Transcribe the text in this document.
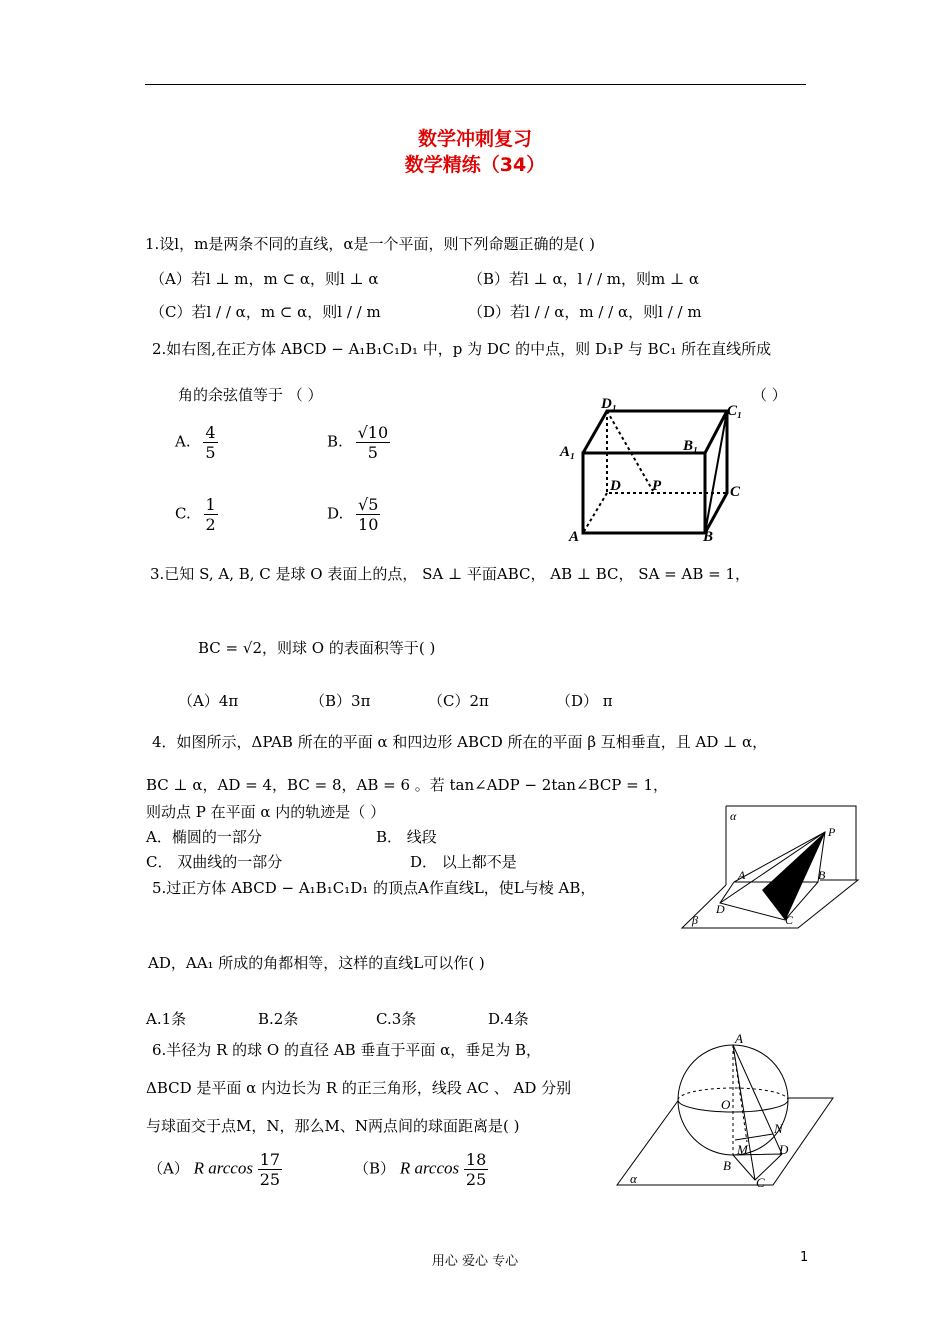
数学冲刺复习
数学精练（34）
1.设l，m是两条不同的直线，α是一个平面，则下列命题正确的是( )
（A）若l ⊥ m，m ⊂ α，则l ⊥ α	（B）若l ⊥ α，l / / m，则m ⊥ α
（C）若l / / α，m ⊂ α，则l / / m	（D）若l / / α，m / / α，则l / / m
2.如右图,在正方体 ABCD − A₁B₁C₁D₁ 中，p 为 DC 的中点，则 D₁P 与 BC₁ 所在直线所成
角的余弦值等于 （ ）	（ ）
A. $\frac{4}{5}$	B. $\frac{√10}{5}$
C. $\frac{1}{2}$	D. $\frac{√5}{10}$
D₁	C₁
A₁	B₁
D P	C
A	B
3.已知 S, A, B, C 是球 O 表面上的点， SA ⊥ 平面ABC， AB ⊥ BC， SA = AB = 1，
BC = √2，则球 O 的表面积等于( )
（A）4π	（B）3π	（C）2π	（D） π
4．如图所示，ΔPAB 所在的平面 α 和四边形 ABCD 所在的平面 β 互相垂直，且 AD ⊥ α，
BC ⊥ α，AD = 4，BC = 8，AB = 6 。若 tan∠ADP − 2tan∠BCP = 1，
则动点 P 在平面 α 内的轨迹是（ ）
A．椭圆的一部分	B． 线段
C． 双曲线的一部分	D． 以上都不是
α
P
A	B
D
C
β
5.过正方体 ABCD − A₁B₁C₁D₁ 的顶点A作直线L，使L与棱 AB，
AD，AA₁ 所成的角都相等，这样的直线L可以作( )
A.1条	B.2条	C.3条	D.4条
6.半径为 R 的球 O 的直径 AB 垂直于平面 α，垂足为 B，
ΔBCD 是平面 α 内边长为 R 的正三角形，线段 AC 、 AD 分别
与球面交于点M，N，那么M、N两点间的球面距离是( )
（A） R $\arccos \frac{17}{25}$	（B） R $\arccos \frac{18}{25}$
A
O
N
M D
B
C
α
用心 爱心 专心	1
